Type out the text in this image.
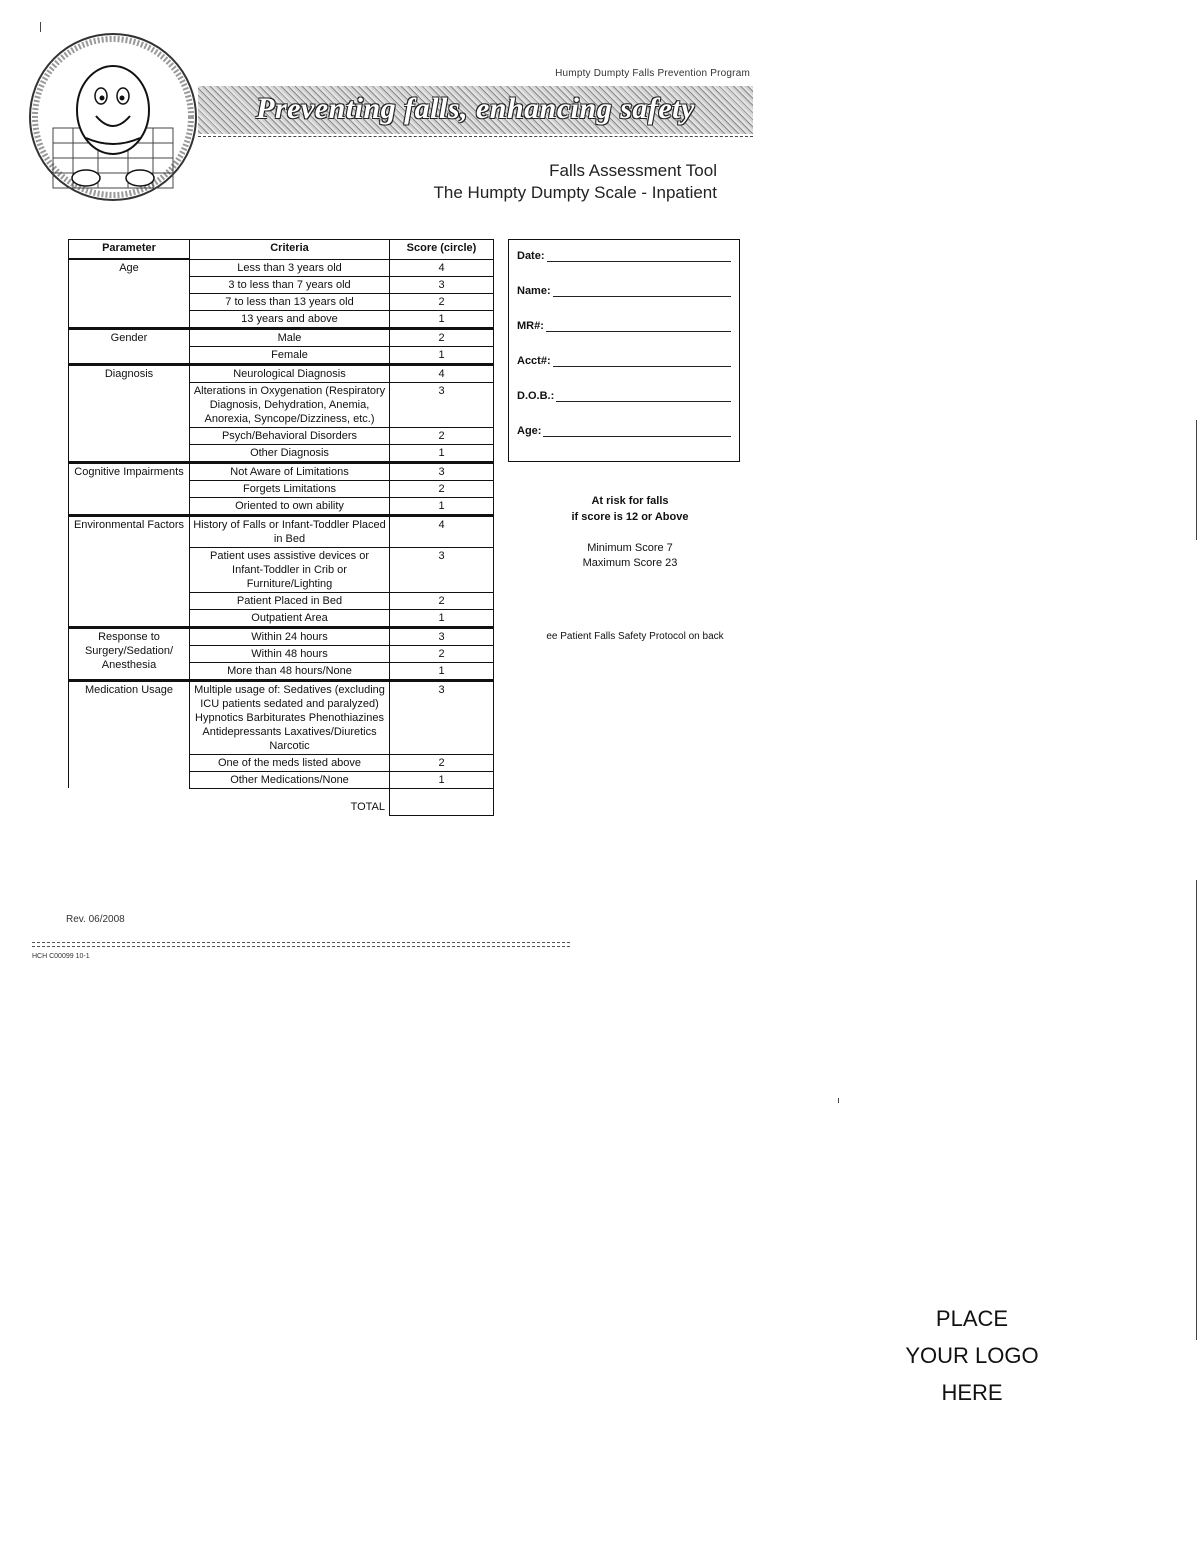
Humpty Dumpty Falls Prevention Program
Preventing falls, enhancing safety
Falls Assessment Tool
The Humpty Dumpty Scale - Inpatient
Parameter	Criteria	Score (circle)
Age	Less than 3 years old	4
	3 to less than 7 years old	3
	7 to less than 13 years old	2
	13 years and above	1
Gender	Male	2
	Female	1
Diagnosis	Neurological Diagnosis	4
	Alterations in Oxygenation (Respiratory Diagnosis, Dehydration, Anemia, Anorexia, Syncope/Dizziness, etc.)	3
	Psych/Behavioral Disorders	2
	Other Diagnosis	1
Cognitive Impairments	Not Aware of Limitations	3
	Forgets Limitations	2
	Oriented to own ability	1
Environmental Factors	History of Falls or Infant-Toddler Placed in Bed	4
	Patient uses assistive devices or Infant-Toddler in Crib or Furniture/Lighting	3
	Patient Placed in Bed	2
	Outpatient Area	1
Response to Surgery/Sedation/ Anesthesia	Within 24 hours	3
	Within 48 hours	2
	More than 48 hours/None	1
Medication Usage	Multiple usage of: Sedatives (excluding ICU patients sedated and paralyzed) Hypnotics Barbiturates Phenothiazines Antidepressants Laxatives/Diuretics Narcotic	3
	One of the meds listed above	2
	Other Medications/None	1
	TOTAL	
Rev. 06/2008
Date:
Name:
MR#:
Acct#:
D.O.B.:
Age:
At risk for falls
if score is 12 or Above
Minimum Score 7
Maximum Score 23
ee Patient Falls Safety Protocol on back
HCH C00099 10-1
PLACE
YOUR LOGO
HERE
